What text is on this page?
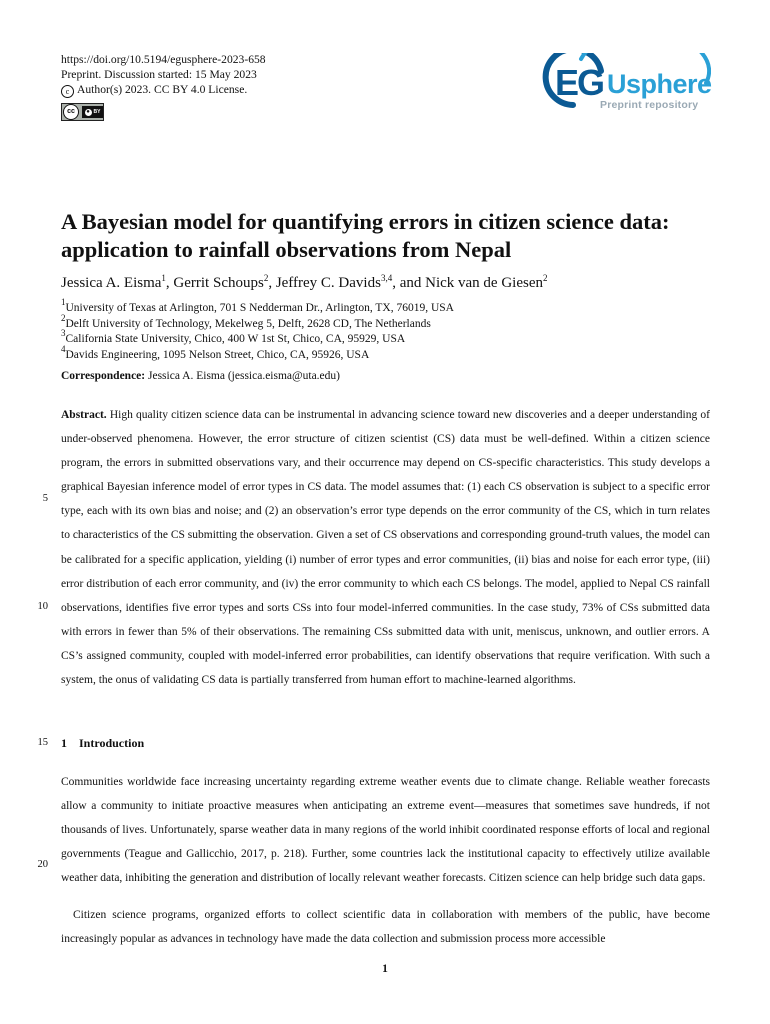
https://doi.org/10.5194/egusphere-2023-658
Preprint. Discussion started: 15 May 2023
c Author(s) 2023. CC BY 4.0 License.
cc	● BY
EG Usphere
Preprint repository
A Bayesian model for quantifying errors in citizen science data: application to rainfall observations from Nepal
Jessica A. Eisma$^1$, Gerrit Schoups$^2$, Jeffrey C. Davids$^{3,4}$, and Nick van de Giesen$^2$
$^1$University of Texas at Arlington, 701 S Nedderman Dr., Arlington, TX, 76019, USA
$^2$Delft University of Technology, Mekelweg 5, Delft, 2628 CD, The Netherlands
$^3$California State University, Chico, 400 W 1st St, Chico, CA, 95929, USA
$^4$Davids Engineering, 1095 Nelson Street, Chico, CA, 95926, USA
Correspondence: Jessica A. Eisma (jessica.eisma@uta.edu)
Abstract. High quality citizen science data can be instrumental in advancing science toward new discoveries and a deeper understanding of under-observed phenomena. However, the error structure of citizen scientist (CS) data must be well-defined. Within a citizen science program, the errors in submitted observations vary, and their occurrence may depend on CS-specific characteristics. This study develops a graphical Bayesian inference model of error types in CS data. The model assumes that: (1) each CS observation is subject to a specific error type, each with its own bias and noise; and (2) an observation’s error type depends on the error community of the CS, which in turn relates to characteristics of the CS submitting the observation. Given a set of CS observations and corresponding ground-truth values, the model can be calibrated for a specific application, yielding (i) number of error types and error communities, (ii) bias and noise for each error type, (iii) error distribution of each error community, and (iv) the error community to which each CS belongs. The model, applied to Nepal CS rainfall observations, identifies five error types and sorts CSs into four model-inferred communities. In the case study, 73% of CSs submitted data with errors in fewer than 5% of their observations. The remaining CSs submitted data with unit, meniscus, unknown, and outlier errors. A CS’s assigned community, coupled with model-inferred error probabilities, can identify observations that require verification. With such a system, the onus of validating CS data is partially transferred from human effort to machine-learned algorithms.
1 Introduction
Communities worldwide face increasing uncertainty regarding extreme weather events due to climate change. Reliable weather forecasts allow a community to initiate proactive measures when anticipating an extreme event—measures that sometimes save hundreds, if not thousands of lives. Unfortunately, sparse weather data in many regions of the world inhibit coordinated response efforts of local and regional governments (Teague and Gallicchio, 2017, p. 218). Further, some countries lack the institutional capacity to effectively utilize available weather data, inhibiting the generation and distribution of locally relevant weather forecasts. Citizen science can help bridge such data gaps.
Citizen science programs, organized efforts to collect scientific data in collaboration with members of the public, have become increasingly popular as advances in technology have made the data collection and submission process more accessible
5
10
15
20
1
